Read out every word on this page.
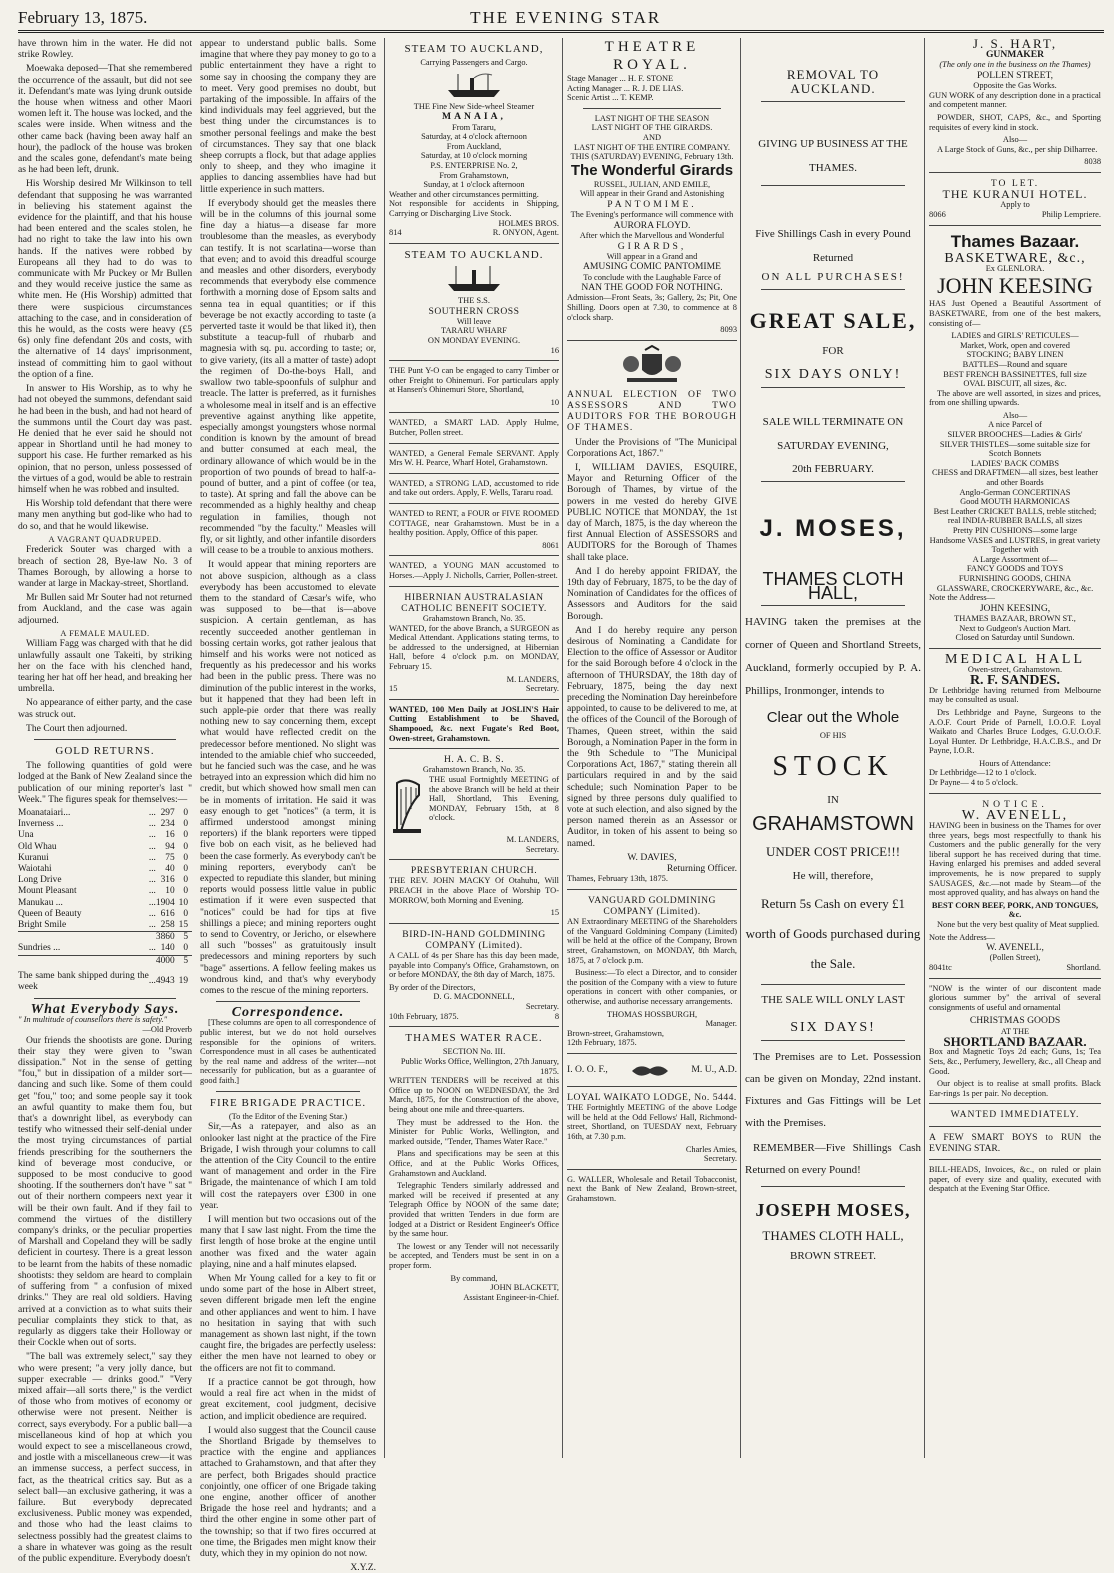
February 13, 1875.	THE EVENING STAR

have thrown him in the water. He did not strike Rowley.

Moewaka deposed—That she remembered the occurrence of the assault, but did not see it. Defendant's mate was lying drunk outside the house when witness and other Maori women left it. The house was locked, and the scales were inside. When witness and the other came back (having been away half an hour), the padlock of the house was broken and the scales gone, defendant's mate being as he had been left, drunk.

His Worship desired Mr Wilkinson to tell defendant that supposing he was warranted in believing his statement against the evidence for the plaintiff, and that his house had been entered and the scales stolen, he had no right to take the law into his own hands. If the natives were robbed by Europeans all they had to do was to communicate with Mr Puckey or Mr Bullen and they would receive justice the same as white men. He (His Worship) admitted that there were suspicious circumstances attaching to the case, and in consideration of this he would, as the costs were heavy (£5 6s) only fine defendant 20s and costs, with the alternative of 14 days' imprisonment, instead of committing him to gaol without the option of a fine.

In answer to His Worship, as to why he had not obeyed the summons, defendant said he had been in the bush, and had not heard of the summons until the Court day was past. He denied that he ever said he should not appear in Shortland until he had money to support his case. He further remarked as his opinion, that no person, unless possessed of the virtues of a god, would be able to restrain himself when he was robbed and insulted.

His Worship told defendant that there were many men anything but god-like who had to do so, and that he would likewise.

A VAGRANT QUADRUPED.

Frederick Souter was charged with a breach of section 28, Bye-law No. 3 of Thames Borough, by allowing a horse to wander at large in Mackay-street, Shortland.

Mr Bullen said Mr Souter had not returned from Auckland, and the case was again adjourned.

A FEMALE MAULED.

William Fagg was charged with that he did unlawfully assault one Takeiti, by striking her on the face with his clenched hand, tearing her hat off her head, and breaking her umbrella.

No appearance of either party, and the case was struck out.

The Court then adjourned.

GOLD RETURNS.

The following quantities of gold were lodged at the Bank of New Zealand since the publication of our mining reporter's last " Week." The figures speak for themselves:—

Moanataiari...	...	297	0
Inverness ...	...	234	0
Una	...	16	0
Old Whau	...	94	0
Kuranui	...	75	0
Waiotahi	...	40	0
Long Drive	...	316	0
Mount Pleasant	...	10	0
Manukau ...	...	1904	10
Queen of Beauty	...	616	0
Bright Smile	...	258	15
		3860	5
Sundries ...	...	140	0
		4000	5
The same bank shipped during the week	...	4943	19
What Everybody Says.
" In multitude of counsellors there is safety."
—Old Proverb

Our friends the shootists are gone. During their stay they were given to "swan dissipation." Not in the sense of getting "fou," but in dissipation of a milder sort—dancing and such like. Some of them could get "fou," too; and some people say it took an awful quantity to make them fou, but that's a downright libel, as everybody can testify who witnessed their self-denial under the most trying circumstances of partial friends prescribing for the southerners the kind of beverage most conducive, or supposed to be most conducive to good shooting. If the southerners don't have " sat " out of their northern compeers next year it will be their own fault. And if they fail to commend the virtues of the distillery company's drinks, or the peculiar properties of Marshall and Copeland they will be sadly deficient in courtesy. There is a great lesson to be learnt from the habits of these nomadic shootists: they seldom are heard to complain of suffering from " a confusion of mixed drinks." They are real old soldiers. Having arrived at a conviction as to what suits their peculiar complaints they stick to that, as regularly as diggers take their Holloway or their Cockle when out of sorts.

"The ball was extremely select," say they who were present; "a very jolly dance, but supper execrable — drinks good." "Very mixed affair—all sorts there," is the verdict of those who from motives of economy or otherwise were not present. Neither is correct, says everybody. For a public ball—a miscellaneous kind of hop at which you would expect to see a miscellaneous crowd, and jostle with a miscellaneous crew—it was an immense success, a perfect success, in fact, as the theatrical critics say. But as a select ball—an exclusive gathering, it was a failure. But everybody deprecated exclusiveness. Public money was expended, and those who had the least claims to selectness possibly had the greatest claims to a share in whatever was going as the result of the public expenditure. Everybody doesn't

appear to understand public balls. Some imagine that where they pay money to go to a public entertainment they have a right to some say in choosing the company they are to meet. Very good premises no doubt, but partaking of the impossible. In affairs of the kind individuals may feel aggrieved, but the best thing under the circumstances is to smother personal feelings and make the best of circumstances. They say that one black sheep corrupts a flock, but that adage applies only to sheep, and they who imagine it applies to dancing assemblies have had but little experience in such matters.

If everybody should get the measles there will be in the columns of this journal some fine day a hiatus—a disease far more troublesome than the measles, as everybody can testify. It is not scarlatina—worse than that even; and to avoid this dreadful scourge and measles and other disorders, everybody recommends that everybody else commence forthwith a morning dose of Epsom salts and senna tea in equal quantities; or if this beverage be not exactly according to taste (a perverted taste it would be that liked it), then substitute a teacup-full of rhubarb and magnesia with sq. pu. according to taste; or, to give variety, (its all a matter of taste) adopt the regimen of Do-the-boys Hall, and swallow two table-spoonfuls of sulphur and treacle. The latter is preferred, as it furnishes a wholesome meal in itself and is an effective preventive against anything like appetite, especially amongst youngsters whose normal condition is known by the amount of bread and butter consumed at each meal, the ordinary allowance of which would be in the proportion of two pounds of bread to half-a-pound of butter, and a pint of coffee (or tea, to taste). At spring and fall the above can be recommended as a highly healthy and cheap regulation in families, though not recommended "by the faculty." Measles will fly, or sit lightly, and other infantile disorders will cease to be a trouble to anxious mothers.

It would appear that mining reporters are not above suspicion, although as a class everybody has been accustomed to elevate them to the standard of Cæsar's wife, who was supposed to be—that is—above suspicion. A certain gentleman, as has recently succeeded another gentleman in bossing certain works, got rather jealous that himself and his works were not noticed as frequently as his predecessor and his works had been in the public press. There was no diminution of the public interest in the works, but it happened that they had been left in such apple-pie order that there was really nothing new to say concerning them, except what would have reflected credit on the predecessor before mentioned. No slight was intended to the amiable chief who succeeded, but he fancied such was the case, and he was betrayed into an expression which did him no credit, but which showed how small men can be in moments of irritation. He said it was easy enough to get "notices" (a term, it is affirmed understood amongst mining reporters) if the blank reporters were tipped five bob on each visit, as he believed had been the case formerly. As everybody can't be mining reporters, everybody can't be expected to repudiate this slander, but mining reports would possess little value in public estimation if it were even suspected that "notices" could be had for tips at five shillings a piece; and mining reporters ought to send to Coventry, or Jericho, or elsewhere all such "bosses" as gratuitously insult predecessors and mining reporters by such "bage" assertions. A fellow feeling makes us wondrous kind, and that's why everybody comes to the rescue of the mining reporters.

Correspondence.

[These columns are open to all correspondence of public interest, but we do not hold ourselves responsible for the opinions of writers. Correspondence must in all cases be authenticated by the real name and address of the writer—not necessarily for publication, but as a guarantee of good faith.]

FIRE BRIGADE PRACTICE.
(To the Editor of the Evening Star.)

Sir,—As a ratepayer, and also as an onlooker last night at the practice of the Fire Brigade, I wish through your columns to call the attention of the City Council to the entire want of management and order in the Fire Brigade, the maintenance of which I am told will cost the ratepayers over £300 in one year.

I will mention but two occasions out of the many that I saw last night. From the time the first length of hose broke at the engine until another was fixed and the water again playing, nine and a half minutes elapsed.

When Mr Young called for a key to fit or undo some part of the hose in Albert street, seven different brigade men left the engine and other appliances and went to him. I have no hesitation in saying that with such management as shown last night, if the town caught fire, the brigades are perfectly useless: either the men have not learned to obey or the officers are not fit to command.

If a practice cannot be got through, how would a real fire act when in the midst of great excitement, cool judgment, decisive action, and implicit obedience are required.

I would also suggest that the Council cause the Shortland Brigade by themselves to practice with the engine and appliances attached to Grahamstown, and that after they are perfect, both Brigades should practice conjointly, one officer of one Brigade taking one engine, another officer of another Brigade the hose reel and hydrants; and a third the other engine in some other part of the township; so that if two fires occurred at one time, the Brigades men might know their duty, which they in my opinion do not now.

X.Y.Z.
STEAM TO AUCKLAND,
Carrying Passengers and Cargo.
THE Fine New Side-wheel Steamer
MANAIA,
From Tararu,
Saturday, at 4 o'clock afternoon
From Auckland,
Saturday, at 10 o'clock morning
P.S. ENTERPRISE No. 2,
From Grahamstown,
Sunday, at 1 o'clock afternoon
Weather and other circumstances permitting.
Not responsible for accidents in Shipping, Carrying or Discharging Live Stock.
HOLMES BROS.
814	R. ONYON, Agent.
STEAM TO AUCKLAND.
THE S.S.
SOUTHERN CROSS
Will leave
TARARU WHARF
ON MONDAY EVENING.
16

THE Punt Y-O can be engaged to carry Timber or other Freight to Ohinemuri. For particulars apply at Hansen's Ohinemuri Store, Shortland,

10

WANTED, a SMART LAD. Apply Hulme, Butcher, Pollen street.

WANTED, a General Female SERVANT. Apply Mrs W. H. Pearce, Wharf Hotel, Grahamstown.

WANTED, a STRONG LAD, accustomed to ride and take out orders. Apply, F. Wells, Tararu road.

WANTED to RENT, a FOUR or FIVE ROOMED COTTAGE, near Grahamstown. Must be in a healthy position. Apply, Office of this paper.

8061

WANTED, a YOUNG MAN accustomed to Horses.—Apply J. Nicholls, Carrier, Pollen-street.

HIBERNIAN AUSTRALASIAN CATHOLIC BENEFIT SOCIETY.
Grahamstown Branch, No. 35.

WANTED, for the above Branch, a SURGEON as Medical Attendant. Applications stating terms, to be addressed to the undersigned, at Hibernian Hall, before 4 o'clock p.m. on MONDAY, February 15.

M. LANDERS,
15	Secretary.

WANTED, 100 Men Daily at JOSLIN'S Hair Cutting Establishment to be Shaved, Shampooed, &c. next Fugate's Red Boot, Owen-street, Grahamstown.

H. A. C. B. S.
Grahamstown Branch, No. 35.

THE usual Fortnightly MEETING of the above Branch will be held at their Hall, Shortland, This Evening, MONDAY, February 15th, at 8 o'clock.

M. LANDERS,
Secretary.
PRESBYTERIAN CHURCH.

THE REV. JOHN MACKY Of Otahuhu, Will PREACH in the above Place of Worship TO-MORROW, both Morning and Evening.

15
BIRD-IN-HAND GOLDMINING COMPANY (Limited).

A CALL of 4s per Share has this day been made, payable into Company's Office, Grahamstown, on or before MONDAY, the 8th day of March, 1875.

By order of the Directors,
D. G. MACDONNELL,
Secretary.
10th February, 1875.	8
THAMES WATER RACE.
SECTION No. III.
Public Works Office, Wellington, 27th January, 1875.

WRITTEN TENDERS will be received at this Office up to NOON on WEDNESDAY, the 3rd March, 1875, for the Construction of the above, being about one mile and three-quarters.

They must be addressed to the Hon. the Minister for Public Works, Wellington, and marked outside, "Tender, Thames Water Race."

Plans and specifications may be seen at this Office, and at the Public Works Offices, Grahamstown and Auckland.

Telegraphic Tenders similarly addressed and marked will be received if presented at any Telegraph Office by NOON of the same date; provided that written Tenders in due form are lodged at a District or Resident Engineer's Office by the same hour.

The lowest or any Tender will not necessarily be accepted, and Tenders must be sent in on a proper form.

By command,
JOHN BLACKETT,
Assistant Engineer-in-Chief.
THEATRE ROYAL.
Stage Manager ... H. F. STONE
Acting Manager ... R. J. DE LIAS.
Scenic Artist ... T. KEMP.
LAST NIGHT OF THE SEASON
LAST NIGHT OF THE GIRARDS.
AND
LAST NIGHT OF THE ENTIRE COMPANY.
THIS (SATURDAY) EVENING, February 13th.
The Wonderful Girards
RUSSEL, JULIAN, AND EMILE,
Will appear in their Grand and Astonishing
PANTOMIME.
The Evening's performance will commence with
AURORA FLOYD.
After which the Marvellous and Wonderful
GIRARDS,
Will appear in a Grand and
AMUSING COMIC PANTOMIME
To conclude with the Laughable Farce of
NAN THE GOOD FOR NOTHING.

Admission—Front Seats, 3s; Gallery, 2s; Pit, One Shilling. Doors open at 7.30, to commence at 8 o'clock sharp.

8093

ANNUAL ELECTION OF TWO ASSESSORS AND TWO AUDITORS FOR THE BOROUGH OF THAMES.

Under the Provisions of "The Municipal Corporations Act, 1867."

I, WILLIAM DAVIES, ESQUIRE, Mayor and Returning Officer of the Borough of Thames, by virtue of the powers in me vested do hereby GIVE PUBLIC NOTICE that MONDAY, the 1st day of March, 1875, is the day whereon the first Annual Election of ASSESSORS and AUDITORS for the Borough of Thames shall take place.

And I do hereby appoint FRIDAY, the 19th day of February, 1875, to be the day of Nomination of Candidates for the offices of Assessors and Auditors for the said Borough.

And I do hereby require any person desirous of Nominating a Candidate for Election to the office of Assessor or Auditor for the said Borough before 4 o'clock in the afternoon of THURSDAY, the 18th day of February, 1875, being the day next preceding the Nomination Day hereinbefore appointed, to cause to be delivered to me, at the offices of the Council of the Borough of Thames, Queen street, within the said Borough, a Nomination Paper in the form in the 9th Schedule to "The Municipal Corporations Act, 1867," stating therein all particulars required in and by the said schedule; such Nomination Paper to be signed by three persons duly qualified to vote at such election, and also signed by the person named therein as an Assessor or Auditor, in token of his assent to being so named.

W. DAVIES,
Returning Officer.
Thames, February 13th, 1875.
VANGUARD GOLDMINING COMPANY (Limited).

AN Extraordinary MEETING of the Shareholders of the Vanguard Goldmining Company (Limited) will be held at the office of the Company, Brown street, Grahamstown, on MONDAY, 8th March, 1875, at 7 o'clock p.m.

Business:—To elect a Director, and to consider the position of the Company with a view to future operations in concert with other companies, or otherwise, and authorise necessary arrangements.

THOMAS HOSSBURGH,
Manager.
Brown-street, Grahamstown,
12th February, 1875.
I. O. O. F.,	M. U., A.D.
LOYAL WAIKATO LODGE, No. 5444.

THE Fortnightly MEETING of the above Lodge will be held at the Odd Fellows' Hall, Richmond-street, Shortland, on TUESDAY next, February 16th, at 7.30 p.m.

Charles Amies,
Secretary.

G. WALLER, Wholesale and Retail Tobacconist, next the Bank of New Zealand, Brown-street, Grahamstown.

REMOVAL TO AUCKLAND.
GIVING UP BUSINESS AT THE THAMES.
Five Shillings Cash in every Pound Returned
ON ALL PURCHASES!
GREAT SALE,
FOR
SIX DAYS ONLY!
SALE WILL TERMINATE ON SATURDAY EVENING,
20th FEBRUARY.
J. MOSES,
THAMES CLOTH HALL,

HAVING taken the premises at the corner of Queen and Shortland Streets, Auckland, formerly occupied by P. A. Phillips, Ironmonger, intends to

Clear out the Whole
OF HIS
STOCK
IN
GRAHAMSTOWN
UNDER COST PRICE!!!
He will, therefore,
Return 5s Cash on every £1 worth of Goods purchased during the Sale.
THE SALE WILL ONLY LAST
SIX DAYS!

The Premises are to Let. Possession can be given on Monday, 22nd instant. Fixtures and Gas Fittings will be Let with the Premises.

REMEMBER—Five Shillings Cash Returned on every Pound!

JOSEPH MOSES,
THAMES CLOTH HALL,
BROWN STREET.
J. S. HART,
GUNMAKER
(The only one in the business on the Thames)
POLLEN STREET,
Opposite the Gas Works.

GUN WORK of any description done in a practical and competent manner.

POWDER, SHOT, CAPS, &c., and Sporting requisites of every kind in stock.

Also—

A Large Stock of Guns, &c., per ship Dilharree.

8038
TO LET.
THE KURANUI HOTEL.
Apply to
8066	Philip Lempriere.
Thames Bazaar.
BASKETWARE, &c.,
Ex GLENLORA.
JOHN KEESING

HAS Just Opened a Beautiful Assortment of BASKETWARE, from one of the best makers, consisting of—

LADIES and GIRLS' RETICULES—
Market, Work, open and covered
STOCKING; BABY LINEN
BATTLES—Round and square
BEST FRENCH BASSINETTES, full size
OVAL BISCUIT, all sizes, &c.

The above are well assorted, in sizes and prices, from one shilling upwards.

Also—
A nice Parcel of
SILVER BROOCHES—Ladies & Girls'
SILVER THISTLES—some suitable size for Scotch Bonnets
LADIES' BACK COMBS
CHESS and DRAFTMEN—all sizes, best leather and other Boards
Anglo-German CONCERTINAS
Good MOUTH HARMONICAS
Best Leather CRICKET BALLS, treble stitched; real INDIA-RUBBER BALLS, all sizes
Pretty PIN CUSHIONS—some large
Handsome VASES and LUSTRES, in great variety
Together with
A Large Assortment of—
FANCY GOODS and TOYS
FURNISHING GOODS, CHINA
GLASSWARE, CROCKERYWARE, &c., &c.
Note the Address—
JOHN KEESING,
THAMES BAZAAR, BROWN ST.,
Next to Gudgeon's Auction Mart.
Closed on Saturday until Sundown.
MEDICAL HALL
Owen-street, Grahamstown.
R. F. SANDES.

Dr Lethbridge having returned from Melbourne may be consulted as usual.

Drs Lethbridge and Payne, Surgeons to the A.O.F. Court Pride of Parnell, I.O.O.F. Loyal Waikato and Charles Bruce Lodges, G.U.O.O.F. Loyal Hunter. Dr Lethbridge, H.A.C.B.S., and Dr Payne, I.O.R.

Hours of Attendance:
Dr Lethbridge—12 to 1 o'clock.
Dr Payne— 4 to 5 o'clock.
NOTICE.
W. AVENELL,

HAVING been in business on the Thames for over three years, begs most respectfully to thank his Customers and the public generally for the very liberal support he has received during that time. Having enlarged his premises and added several improvements, he is now prepared to supply SAUSAGES, &c.—not made by Steam—of the most approved quality, and has always on hand the

BEST CORN BEEF, PORK, AND TONGUES, &c.

None but the very best quality of Meat supplied.

Note the Address—
W. AVENELL,
(Pollen Street),
8041tc	Shortland.

"NOW is the winter of our discontent made glorious summer by" the arrival of several consignments of useful and ornamental

CHRISTMAS GOODS
AT THE
SHORTLAND BAZAAR.

Box and Magnetic Toys 2d each; Guns, 1s; Tea Sets, &c., Perfumery, Jewellery, &c., all Cheap and Good.

Our object is to realise at small profits. Black Ear-rings 1s per pair. No deception.

WANTED IMMEDIATELY.

A FEW SMART BOYS to RUN the EVENING STAR.

BILL-HEADS, Invoices, &c., on ruled or plain paper, of every size and quality, executed with despatch at the Evening Star Office.
